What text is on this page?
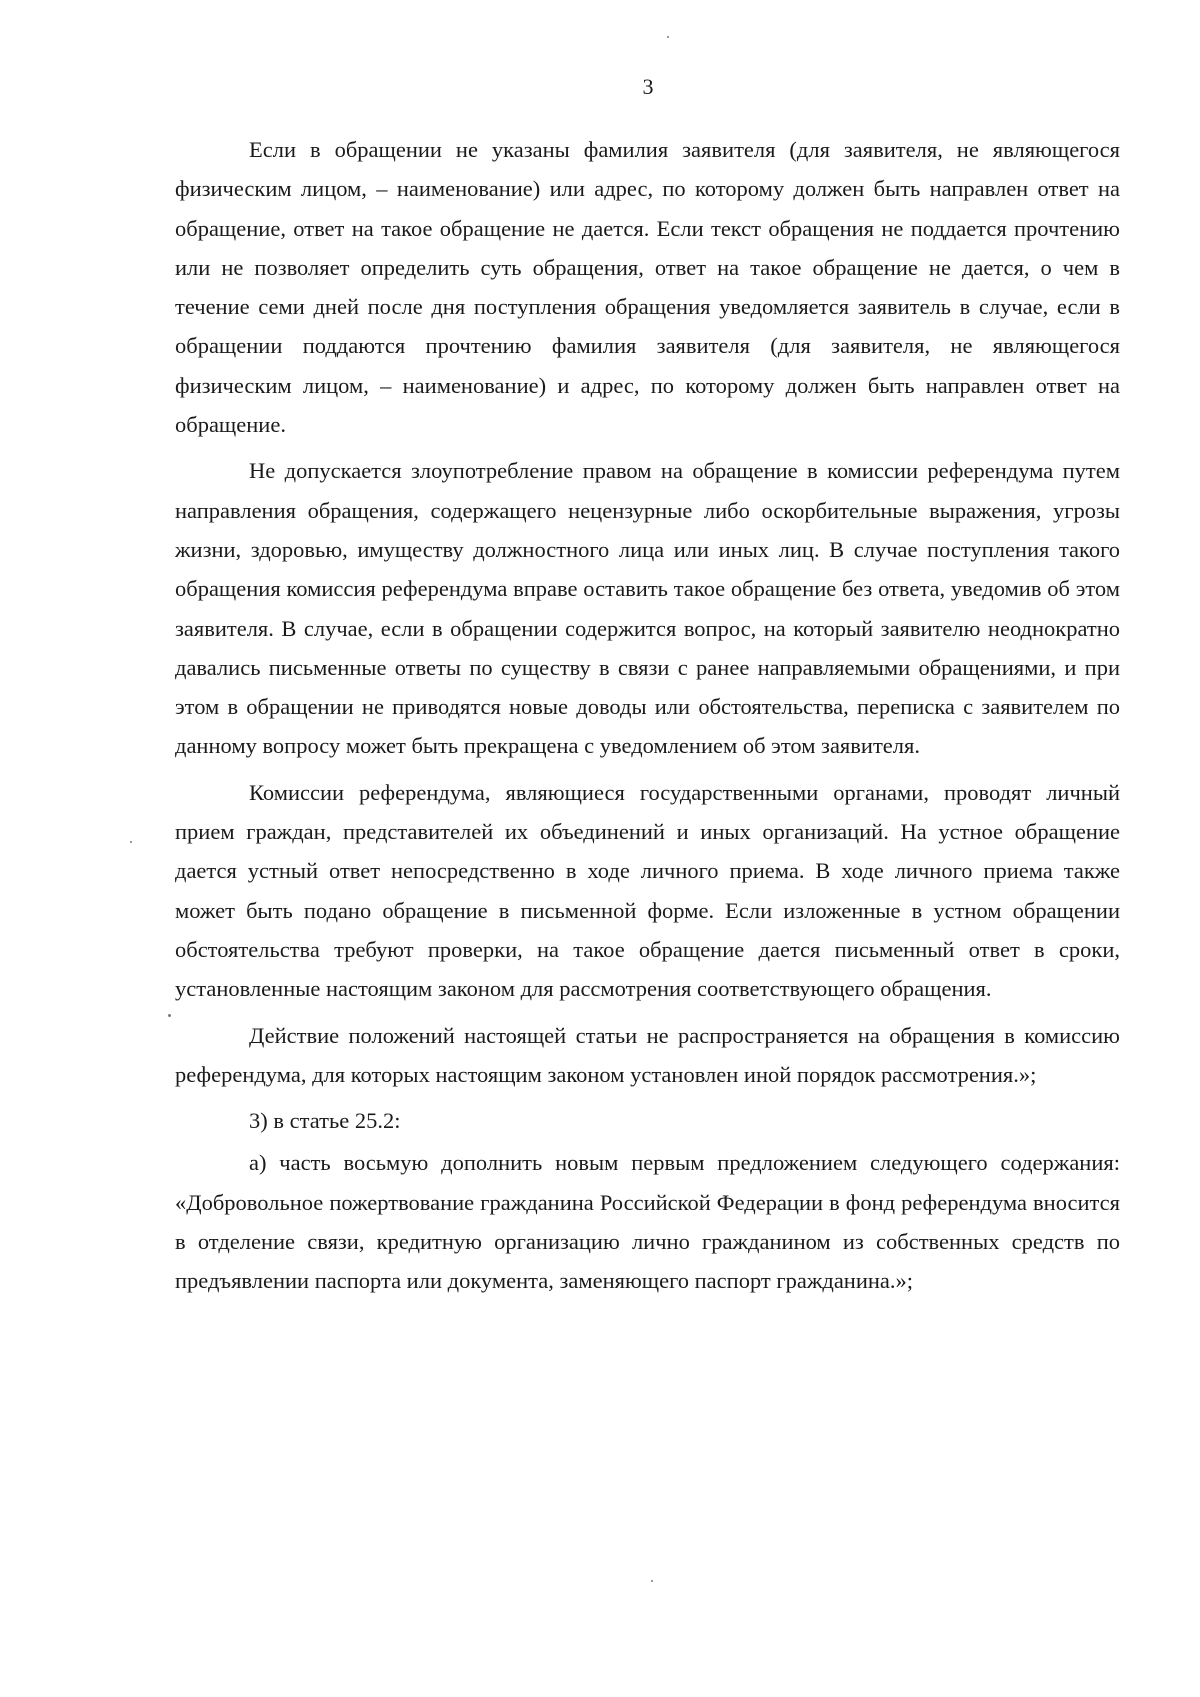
3

Если в обращении не указаны фамилия заявителя (для заявителя, не являющегося физическим лицом, – наименование) или адрес, по которому должен быть направлен ответ на обращение, ответ на такое обращение не дается. Если текст обращения не поддается прочтению или не позволяет определить суть обращения, ответ на такое обращение не дается, о чем в течение семи дней после дня поступления обращения уведомляется заявитель в случае, если в обращении поддаются прочтению фамилия заявителя (для заявителя, не являющегося физическим лицом, – наименование) и адрес, по которому должен быть направлен ответ на обращение.

Не допускается злоупотребление правом на обращение в комиссии референдума путем направления обращения, содержащего нецензурные либо оскорбительные выражения, угрозы жизни, здоровью, имуществу должностного лица или иных лиц. В случае поступления такого обращения комиссия референдума вправе оставить такое обращение без ответа, уведомив об этом заявителя. В случае, если в обращении содержится вопрос, на который заявителю неоднократно давались письменные ответы по существу в связи с ранее направляемыми обращениями, и при этом в обращении не приводятся новые доводы или обстоятельства, переписка с заявителем по данному вопросу может быть прекращена с уведомлением об этом заявителя.

Комиссии референдума, являющиеся государственными органами, проводят личный прием граждан, представителей их объединений и иных организаций. На устное обращение дается устный ответ непосредственно в ходе личного приема. В ходе личного приема также может быть подано обращение в письменной форме. Если изложенные в устном обращении обстоятельства требуют проверки, на такое обращение дается письменный ответ в сроки, установленные настоящим законом для рассмотрения соответствующего обращения.

Действие положений настоящей статьи не распространяется на обращения в комиссию референдума, для которых настоящим законом установлен иной порядок рассмотрения.»;

3) в статье 25.2:

а) часть восьмую дополнить новым первым предложением следующего содержания: «Добровольное пожертвование гражданина Российской Федерации в фонд референдума вносится в отделение связи, кредитную организацию лично гражданином из собственных средств по предъявлении паспорта или документа, заменяющего паспорт гражданина.»;
